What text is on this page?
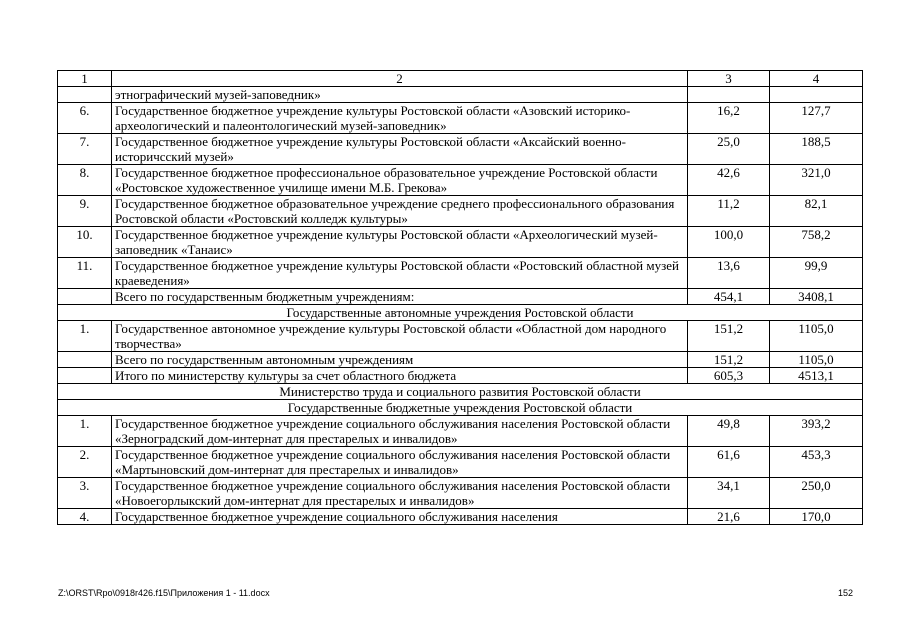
1	2	3	4
	этнографический музей-заповедник»		
6.	Государственное бюджетное учреждение культуры Ростовской области «Азовский историко-археологический и палеонтологический музей-заповедник»	16,2	127,7
7.	Государственное бюджетное учреждение культуры Ростовской области «Аксайский военно-историчсский музей»	25,0	188,5
8.	Государственное бюджетное профессиональное образовательное учреждение Ростовской области «Ростовское художественное училище имени М.Б. Грекова»	42,6	321,0
9.	Государственное бюджетное образовательное учреждение среднего профессионального образования Ростовской области «Ростовский колледж культуры»	11,2	82,1
10.	Государственное бюджетное учреждение культуры Ростовской области «Археологический музей-заповедник «Танаис»	100,0	758,2
11.	Государственное бюджетное учреждение культуры Ростовской области «Ростовский областной музей краеведения»	13,6	99,9
	Всего по государственным бюджетным учреждениям:	454,1	3408,1
Государственные автономные учреждения Ростовской области			
1.	Государственное автономное учреждение культуры Ростовской области «Областной дом народного творчества»	151,2	1105,0
	Всего по государственным автономным учреждениям	151,2	1105,0
	Итого по министерству культуры за счет областного бюджета	605,3	4513,1
Министерство труда и социального развития Ростовской области			
Государственные бюджетные учреждения Ростовской области			
1.	Государственное бюджетное учреждение социального обслуживания населения Ростовской области «Зерноградский дом-интернат для престарелых и инвалидов»	49,8	393,2
2.	Государственное бюджетное учреждение социального обслуживания населения Ростовской области «Мартыновский дом-интернат для престарелых и инвалидов»	61,6	453,3
3.	Государственное бюджетное учреждение социального обслуживания населения Ростовской области «Новоегорлыкский дом-интернат для престарелых и инвалидов»	34,1	250,0
4.	Государственное бюджетное учреждение социального обслуживания населения	21,6	170,0
Z:\ORST\Rpo\0918r426.f15\Приложения 1 - 11.docx	152
